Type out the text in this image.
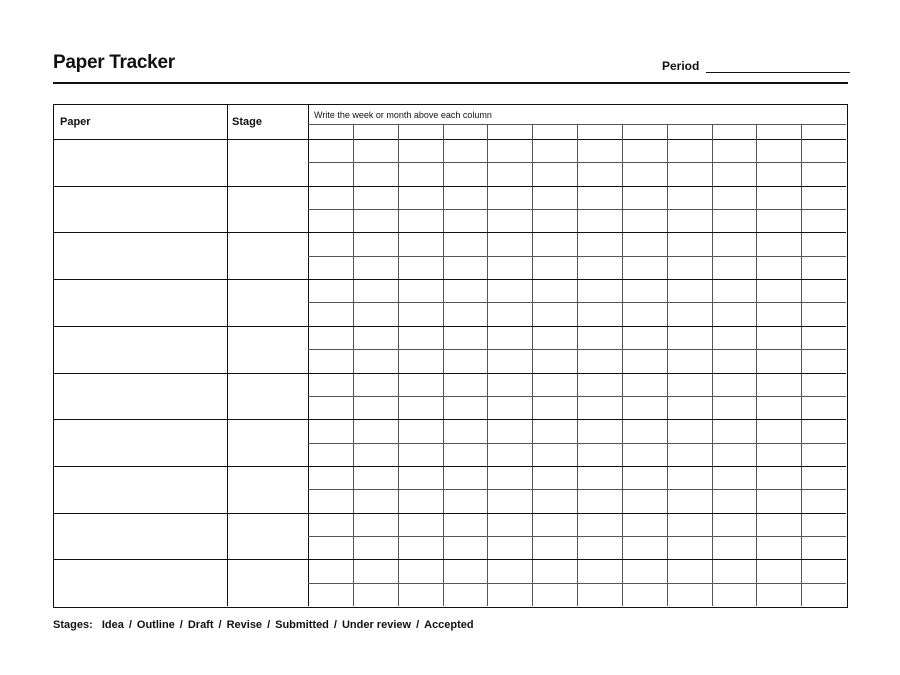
Paper Tracker	Period
Paper	Stage
Write the week or month above each column
Stages: Idea / Outline / Draft / Revise / Submitted / Under review / Accepted
